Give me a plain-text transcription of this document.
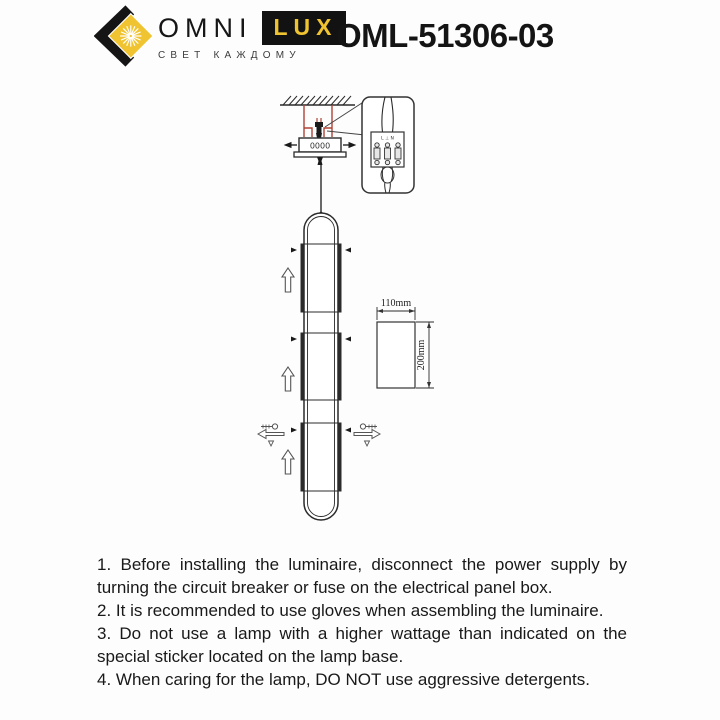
OMNI LUX
СВЕТ КАЖДОМУ
OML-51306-03
0000
L ⊥ N
110mm
200mm

1. Before installing the luminaire, disconnect the power supply by turning the circuit breaker or fuse on the electrical panel box.

2. It is recommended to use gloves when assembling the luminaire.

3. Do not use a lamp with a higher wattage than indicated on the special sticker located on the lamp base.

4. When caring for the lamp, DO NOT use aggressive detergents.
